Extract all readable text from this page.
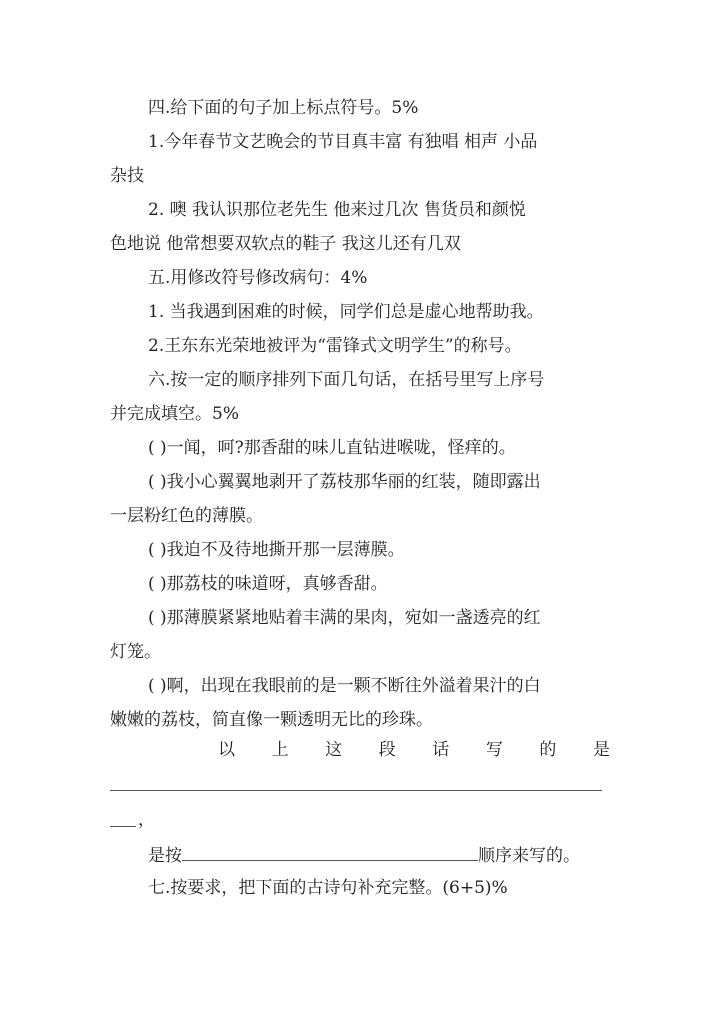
四.给下面的句子加上标点符号。5%
1.今年春节文艺晚会的节目真丰富 有独唱 相声 小品
杂技
2. 噢 我认识那位老先生 他来过几次 售货员和颜悦
色地说 他常想要双软点的鞋子 我这儿还有几双
五.用修改符号修改病句：4%
1. 当我遇到困难的时候，同学们总是虚心地帮助我。
2.王东东光荣地被评为“雷锋式文明学生”的称号。
六.按一定的顺序排列下面几句话，在括号里写上序号
并完成填空。5%
( )一闻，呵?那香甜的味儿直钻进喉咙，怪痒的。
( )我小心翼翼地剥开了荔枝那华丽的红装，随即露出
一层粉红色的薄膜。
( )我迫不及待地撕开那一层薄膜。
( )那荔枝的味道呀，真够香甜。
( )那薄膜紧紧地贴着丰满的果肉，宛如一盏透亮的红
灯笼。
( )啊，出现在我眼前的是一颗不断往外溢着果汁的白
嫩嫩的荔枝，简直像一颗透明无比的珍珠。
以 上 这 段 话 写 的 是
，
是按	顺序来写的。
七.按要求，把下面的古诗句补充完整。(6+5)%
